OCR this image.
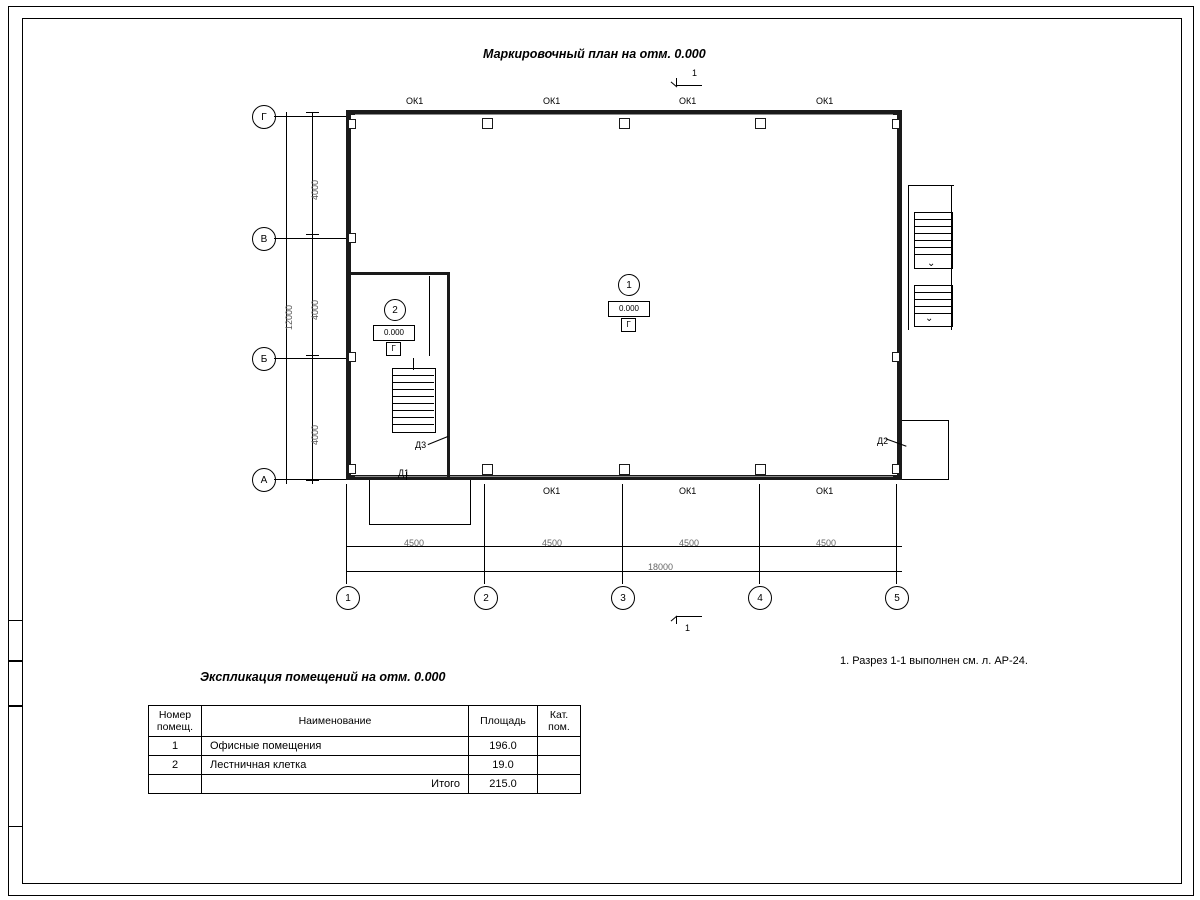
Маркировочный план на отм. 0.000
1
Г
В
Б
А
4000
4000
4000
12000
ОК1	ОК1	ОК1	ОК1
ОК1	ОК1	ОК1
⌄
⌄
1
0.000
Г
2
0.000
Г
Д1
Д3	Д2
4500	4500	4500	4500
18000
1	2	3	4	5
1
1. Разрез 1-1 выполнен см. л. АР-24.
Экспликация помещений на отм. 0.000
Номер
помещ.	Наименование	Площадь	Кат.
пом.

1	Офисные помещения	196.0	
2	Лестничная клетка	19.0	
	Итого	215.0	
